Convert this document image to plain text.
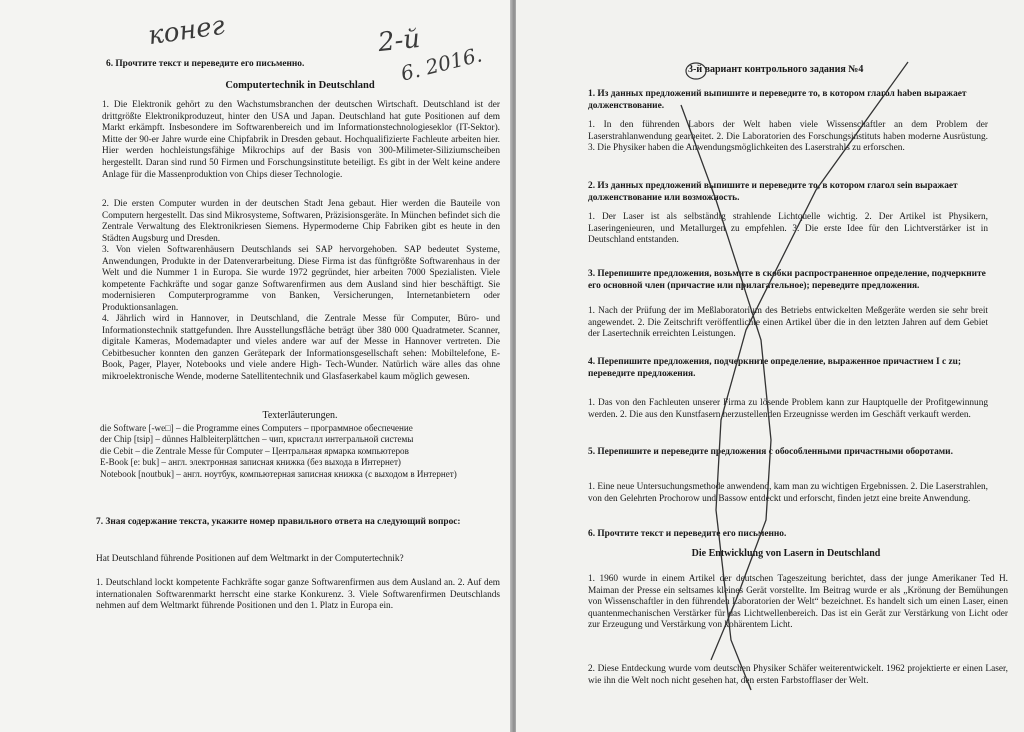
конег	2-й
6. 2016.
6. Прочтите текст и переведите его письменно.
Computertechnik in Deutschland
1. Die Elektronik gehört zu den Wachstumsbranchen der deutschen Wirtschaft. Deutschland ist der drittgrößte Elektronikproduzeut, hinter den USA und Japan. Deutschland hat gute Positionen auf dem Markt erkämpft. Insbesondere im Softwarenbereich und im Informationstechnologieseklor (IT-Sektor). Mitte der 90-er Jahre wurde eine Chipfabrik in Dresden gebaut. Hochqualifizierte Fachleute arbeiten hier. Hier werden hochleistungsfähige Mikrochips auf der Basis von 300-Milimeter-Siliziumscheiben hergestellt. Daran sind rund 50 Firmen und Forschungsinstitute beteiligt. Es gibt in der Welt keine andere Anlage für die Massenproduktion von Chips dieser Technologie.
2. Die ersten Computer wurden in der deutschen Stadt Jena gebaut. Hier werden die Bauteile von Computern hergestellt. Das sind Mikrosysteme, Softwaren, Präzisionsgeräte. In München befindet sich die Zentrale Verwaltung des Elektronikriesen Siemens. Hypermoderne Chip Fabriken gibt es heute in den Städten Augsburg und Dresden.
3. Von vielen Softwarenhäusern Deutschlands sei SAP hervorgehoben. SAP bedeutet Systeme, Anwendungen, Produkte in der Datenverarbeitung. Diese Firma ist das fünftgrößte Softwarenhaus in der Welt und die Nummer 1 in Europa. Sie wurde 1972 gegründet, hier arbeiten 7000 Spezialisten. Viele kompetente Fachkräfte und sogar ganze Softwarenfirmen aus dem Ausland sind hier beschäftigt. Sie modernisieren Computerprogramme von Banken, Versicherungen, Internetanbietern oder Produktionsanlagen.
4. Jährlich wird in Hannover, in Deutschland, die Zentrale Messe für Computer, Büro- und Informationstechnik stattgefunden. Ihre Ausstellungsfläche beträgt über 380 000 Quadratmeter. Scanner, digitale Kameras, Modemadapter und vieles andere war auf der Messe in Hannover vertreten. Die Cebitbesucher konnten den ganzen Gerätepark der Informationsgesellschaft sehen: Mobiltelefone, E-Book, Pager, Player, Notebooks und viele andere High- Tech-Wunder. Natürlich wäre alles das ohne mikroelektronische Wende, moderne Satellitentechnik und Glasfaserkabel kaum möglich gewesen.
Texterläuterungen.
die Software [-we□] – die Programme eines Computers – программное обеспечение
der Chip [tsip] – dünnes Halbleiterplättchen – чип, кристалл интегральной системы
die Cebit – die Zentrale Messe für Computer – Центральная ярмарка компьютеров
E-Book [e: buk] – англ. электронная записная книжка (без выхода в Интернет)
Notebook [noutbuk] – англ. ноутбук, компьютерная записная книжка (с выходом в Интернет)
7. Зная содержание текста, укажите номер правильного ответа на следующий вопрос:
Hat Deutschland führende Positionen auf dem Weltmarkt in der Computertechnik?
1. Deutschland lockt kompetente Fachkräfte sogar ganze Softwarenfirmen aus dem Ausland an. 2. Auf dem internationalen Softwarenmarkt herrscht eine starke Konkurenz. 3. Viele Softwarenfirmen Deutschlands nehmen auf dem Weltmarkt führende Positionen und den 1. Platz in Europa ein.
3-й вариант контрольного задания №4
1. Из данных предложений выпишите и переведите то, в котором глагол haben выражает долженствование.
1. In den führenden Labors der Welt haben viele Wissenschaftler an dem Problem der Laserstrahlanwendung gearbeitet. 2. Die Laboratorien des Forschungsinstituts haben moderne Ausrüstung. 3. Die Physiker haben die Anwendungsmöglichkeiten des Laserstrahls zu erforschen.
2. Из данных предложений выпишите и переведите то, в котором глагол sein выражает долженствование или возможность.
1. Der Laser ist als selbständig strahlende Lichtquelle wichtig. 2. Der Artikel ist Physikern, Laseringenieuren, und Metallurgen zu empfehlen. 3. Die erste Idee für den Lichtverstärker ist in Deutschland entstanden.
3. Перепишите предложения, возьмите в скобки распространенное определение, подчеркните его основной член (причастие или прилагательное); переведите предложения.
1. Nach der Prüfung der im Meßlaboratorium des Betriebs entwickelten Meßgeräte werden sie sehr breit angewendet. 2. Die Zeitschrift veröffentlichte einen Artikel über die in den letzten Jahren auf dem Gebiet der Lasertechnik erreichten Leistungen.
4. Перепишите предложения, подчеркните определение, выраженное причастием I с zu; переведите предложения.
1. Das von den Fachleuten unserer Firma zu lösende Problem kann zur Hauptquelle der Profitgewinnung werden. 2. Die aus den Kunstfasern herzustellenden Erzeugnisse werden im Geschäft verkauft werden.
5. Перепишите и переведите предложения с обособленными причастными оборотами.
1. Eine neue Untersuchungsmethode anwendend, kam man zu wichtigen Ergebnissen. 2. Die Laserstrahlen, von den Gelehrten Prochorow und Bassow entdeckt und erforscht, finden jetzt eine breite Anwendung.
6. Прочтите текст и переведите его письменно.
Die Entwicklung von Lasern in Deutschland
1. 1960 wurde in einem Artikel der deutschen Tageszeitung berichtet, dass der junge Amerikaner Ted H. Maiman der Presse ein seltsames kleines Gerät vorstellte. Im Beitrag wurde er als „Krönung der Bemühungen von Wissenschaftler in den führenden Laboratorien der Welt“ bezeichnet. Es handelt sich um einen Laser, einen quantenmechanischen Verstärker für das Lichtwellenbereich. Das ist ein Gerät zur Verstärkung von Licht oder zur Erzeugung und Verstärkung von kohärentem Licht.
2. Diese Entdeckung wurde vom deutschen Physiker Schäfer weiterentwickelt. 1962 projektierte er einen Laser, wie ihn die Welt noch nicht gesehen hat, den ersten Farbstofflaser der Welt.
